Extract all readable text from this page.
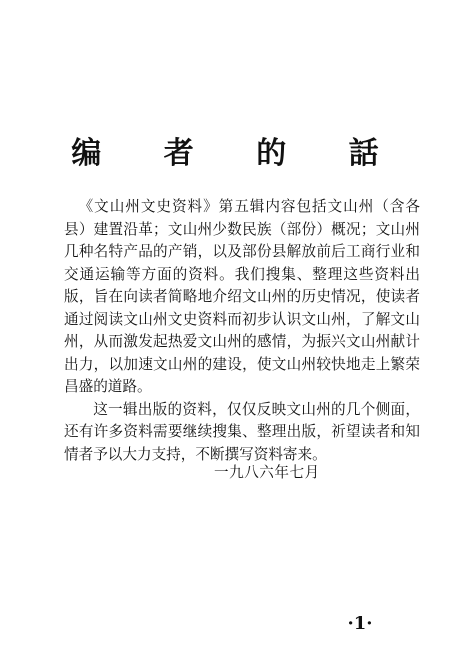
编 者 的 話

《文山州文史资料》第五辑内容包括文山州（含各县）建置沿革；文山州少数民族（部份）概况；文山州几种名特产品的产销，以及部份县解放前后工商行业和交通运输等方面的资料。我们搜集、整理这些资料出版，旨在向读者简略地介绍文山州的历史情况，使读者通过阅读文山州文史资料而初步认识文山州，了解文山州，从而激发起热爱文山州的感情，为振兴文山州献计出力，以加速文山州的建设，使文山州较快地走上繁荣昌盛的道路。

这一辑出版的资料，仅仅反映文山州的几个侧面，还有许多资料需要继续搜集、整理出版，祈望读者和知情者予以大力支持，不断撰写资料寄来。

一九八六年七月
·1·
